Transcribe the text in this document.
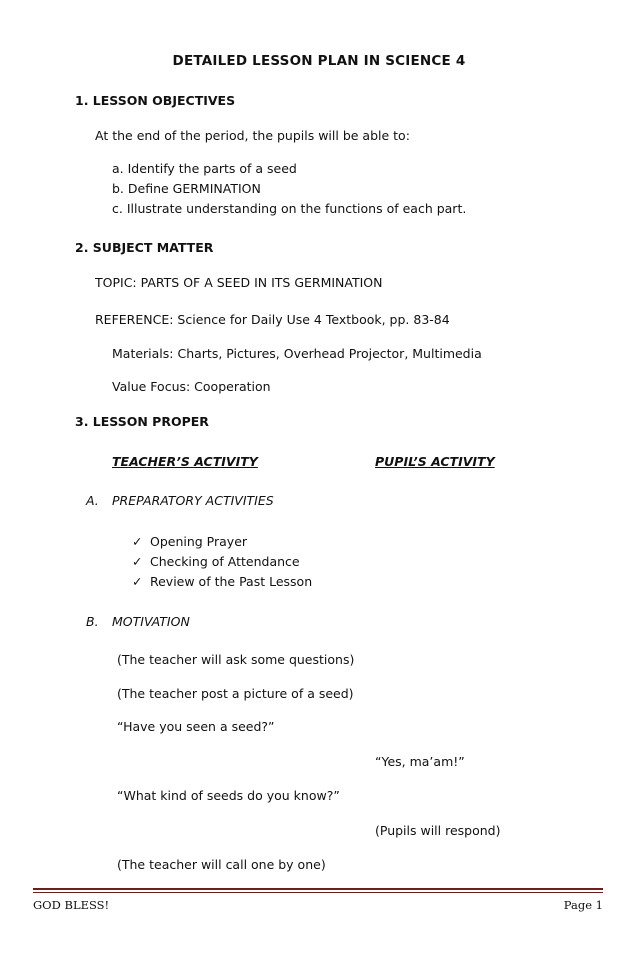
DETAILED LESSON PLAN IN SCIENCE 4
1. LESSON OBJECTIVES
At the end of the period, the pupils will be able to:
a. Identify the parts of a seed
b. Define GERMINATION
c. Illustrate understanding on the functions of each part.
2. SUBJECT MATTER
TOPIC: PARTS OF A SEED IN ITS GERMINATION
REFERENCE: Science for Daily Use 4 Textbook, pp. 83-84
Materials: Charts, Pictures, Overhead Projector, Multimedia
Value Focus: Cooperation
3. LESSON PROPER
TEACHER’S ACTIVITY	PUPIL’S ACTIVITY
A. PREPARATORY ACTIVITIES
✓ Opening Prayer
✓ Checking of Attendance
✓ Review of the Past Lesson
B. MOTIVATION
(The teacher will ask some questions)
(The teacher post a picture of a seed)
“Have you seen a seed?”
“Yes, ma’am!”
“What kind of seeds do you know?”
(Pupils will respond)
(The teacher will call one by one)
GOD BLESS!	Page 1
